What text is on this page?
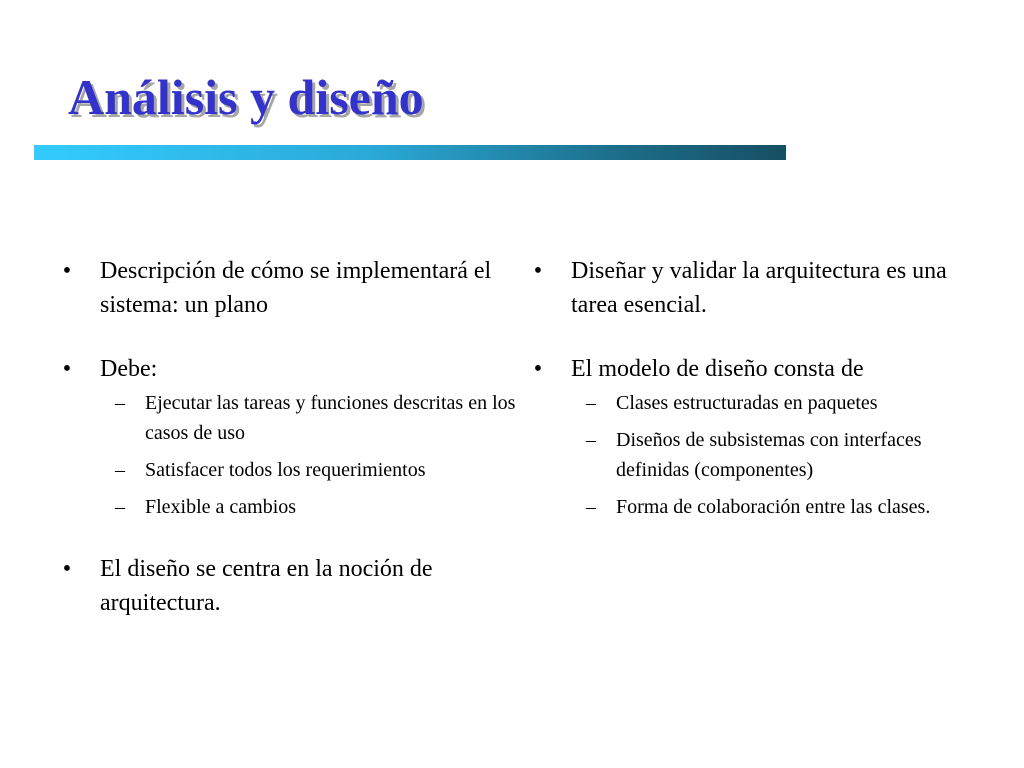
Análisis y diseño
• Descripción de cómo se implementará el sistema: un plano
• Debe:
– Ejecutar las tareas y funciones descritas en los casos de uso
– Satisfacer todos los requerimientos
– Flexible a cambios
• El diseño se centra en la noción de arquitectura.
• Diseñar y validar la arquitectura es una tarea esencial.
• El modelo de diseño consta de
– Clases estructuradas en paquetes
– Diseños de subsistemas con interfaces definidas (componentes)
– Forma de colaboración entre las clases.
